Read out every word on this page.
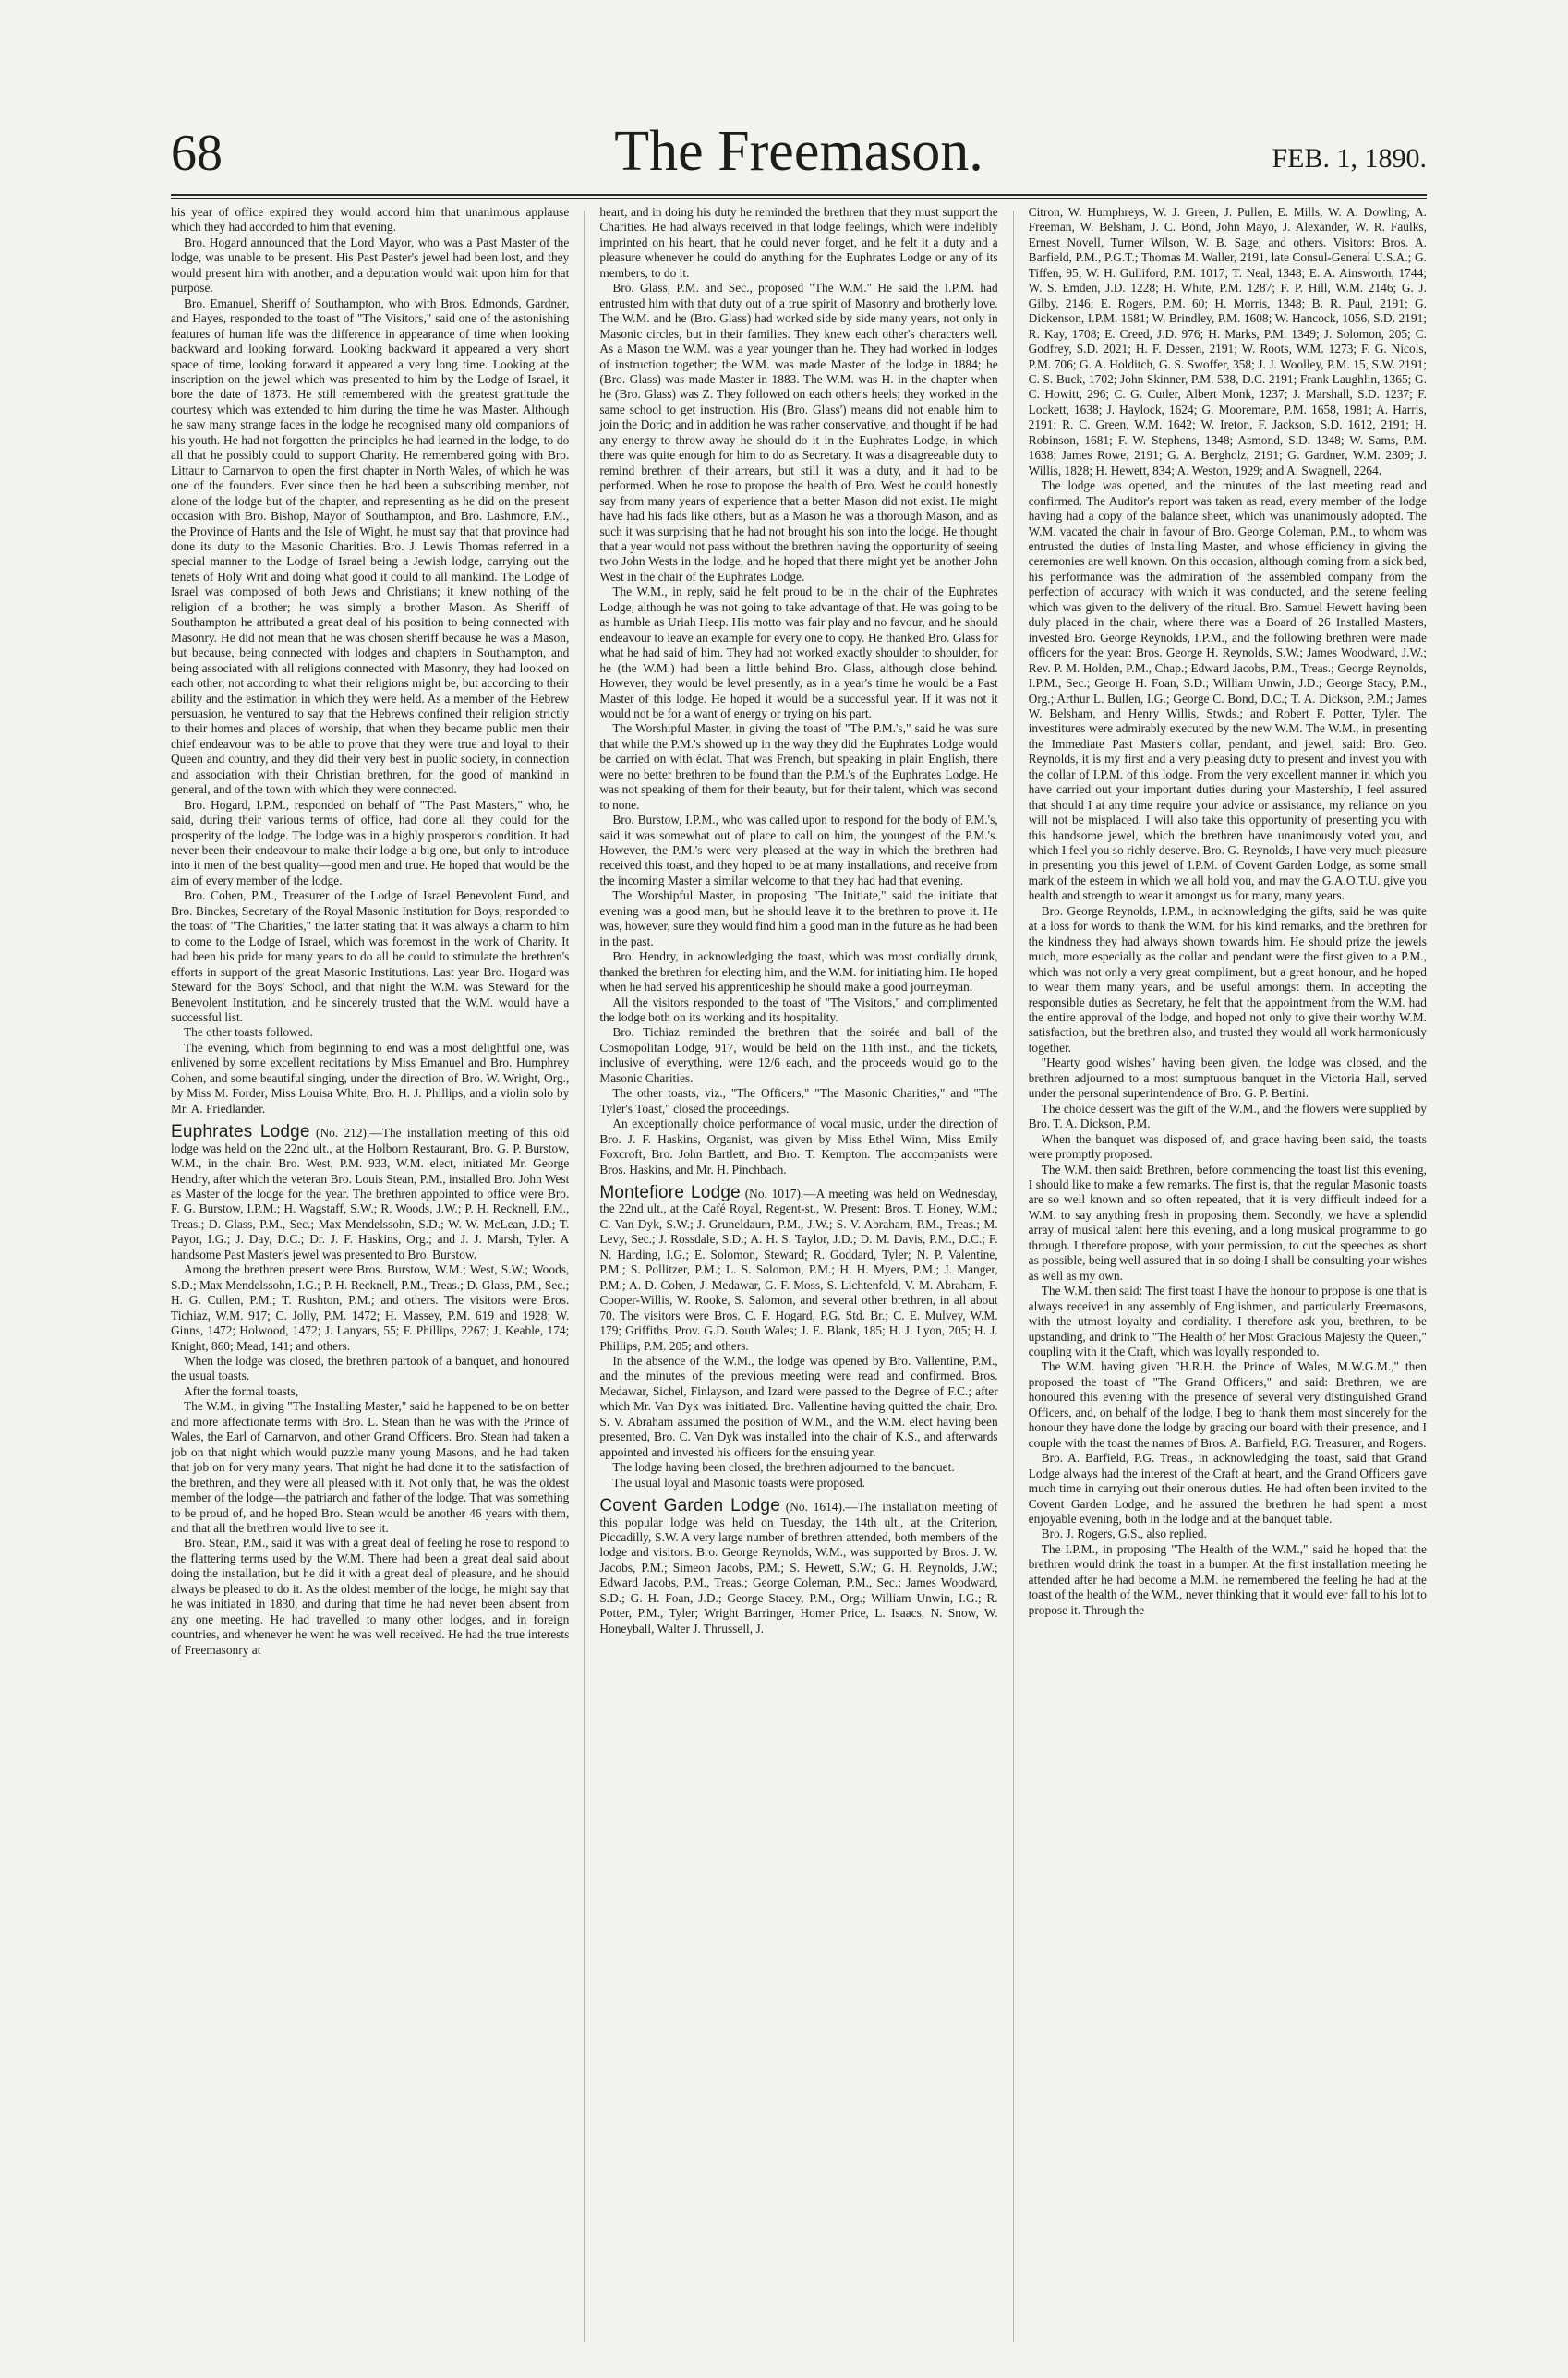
68	The Freemason.	FEB. 1, 1890.

his year of office expired they would accord him that unanimous applause which they had accorded to him that evening.

Bro. Hogard announced that the Lord Mayor, who was a Past Master of the lodge, was unable to be present. His Past Paster's jewel had been lost, and they would present him with another, and a deputation would wait upon him for that purpose.

Bro. Emanuel, Sheriff of Southampton, who with Bros. Edmonds, Gardner, and Hayes, responded to the toast of "The Visitors," said one of the astonishing features of human life was the difference in appearance of time when looking backward and looking forward. Looking backward it appeared a very short space of time, looking forward it appeared a very long time. Looking at the inscription on the jewel which was presented to him by the Lodge of Israel, it bore the date of 1873. He still remembered with the greatest gratitude the courtesy which was extended to him during the time he was Master. Although he saw many strange faces in the lodge he recognised many old companions of his youth. He had not forgotten the principles he had learned in the lodge, to do all that he possibly could to support Charity. He remembered going with Bro. Littaur to Carnarvon to open the first chapter in North Wales, of which he was one of the founders. Ever since then he had been a subscribing member, not alone of the lodge but of the chapter, and representing as he did on the present occasion with Bro. Bishop, Mayor of Southampton, and Bro. Lashmore, P.M., the Province of Hants and the Isle of Wight, he must say that that province had done its duty to the Masonic Charities. Bro. J. Lewis Thomas referred in a special manner to the Lodge of Israel being a Jewish lodge, carrying out the tenets of Holy Writ and doing what good it could to all mankind. The Lodge of Israel was composed of both Jews and Christians; it knew nothing of the religion of a brother; he was simply a brother Mason. As Sheriff of Southampton he attributed a great deal of his position to being connected with Masonry. He did not mean that he was chosen sheriff because he was a Mason, but because, being connected with lodges and chapters in Southampton, and being associated with all religions connected with Masonry, they had looked on each other, not according to what their religions might be, but according to their ability and the estimation in which they were held. As a member of the Hebrew persuasion, he ventured to say that the Hebrews confined their religion strictly to their homes and places of worship, that when they became public men their chief endeavour was to be able to prove that they were true and loyal to their Queen and country, and they did their very best in public society, in connection and association with their Christian brethren, for the good of mankind in general, and of the town with which they were connected.

Bro. Hogard, I.P.M., responded on behalf of "The Past Masters," who, he said, during their various terms of office, had done all they could for the prosperity of the lodge. The lodge was in a highly prosperous condition. It had never been their endeavour to make their lodge a big one, but only to introduce into it men of the best quality—good men and true. He hoped that would be the aim of every member of the lodge.

Bro. Cohen, P.M., Treasurer of the Lodge of Israel Benevolent Fund, and Bro. Binckes, Secretary of the Royal Masonic Institution for Boys, responded to the toast of "The Charities," the latter stating that it was always a charm to him to come to the Lodge of Israel, which was foremost in the work of Charity. It had been his pride for many years to do all he could to stimulate the brethren's efforts in support of the great Masonic Institutions. Last year Bro. Hogard was Steward for the Boys' School, and that night the W.M. was Steward for the Benevolent Institution, and he sincerely trusted that the W.M. would have a successful list.

The other toasts followed.

The evening, which from beginning to end was a most delightful one, was enlivened by some excellent recitations by Miss Emanuel and Bro. Humphrey Cohen, and some beautiful singing, under the direction of Bro. W. Wright, Org., by Miss M. Forder, Miss Louisa White, Bro. H. J. Phillips, and a violin solo by Mr. A. Friedlander.

Euphrates Lodge (No. 212).—The installation meeting of this old lodge was held on the 22nd ult., at the Holborn Restaurant, Bro. G. P. Burstow, W.M., in the chair. Bro. West, P.M. 933, W.M. elect, initiated Mr. George Hendry, after which the veteran Bro. Louis Stean, P.M., installed Bro. John West as Master of the lodge for the year. The brethren appointed to office were Bro. F. G. Burstow, I.P.M.; H. Wagstaff, S.W.; R. Woods, J.W.; P. H. Recknell, P.M., Treas.; D. Glass, P.M., Sec.; Max Mendelssohn, S.D.; W. W. McLean, J.D.; T. Payor, I.G.; J. Day, D.C.; Dr. J. F. Haskins, Org.; and J. J. Marsh, Tyler. A handsome Past Master's jewel was presented to Bro. Burstow.

Among the brethren present were Bros. Burstow, W.M.; West, S.W.; Woods, S.D.; Max Mendelssohn, I.G.; P. H. Recknell, P.M., Treas.; D. Glass, P.M., Sec.; H. G. Cullen, P.M.; T. Rushton, P.M.; and others. The visitors were Bros. Tichiaz, W.M. 917; C. Jolly, P.M. 1472; H. Massey, P.M. 619 and 1928; W. Ginns, 1472; Holwood, 1472; J. Lanyars, 55; F. Phillips, 2267; J. Keable, 174; Knight, 860; Mead, 141; and others.

When the lodge was closed, the brethren partook of a banquet, and honoured the usual toasts.

After the formal toasts,

The W.M., in giving "The Installing Master," said he happened to be on better and more affectionate terms with Bro. L. Stean than he was with the Prince of Wales, the Earl of Carnarvon, and other Grand Officers. Bro. Stean had taken a job on that night which would puzzle many young Masons, and he had taken that job on for very many years. That night he had done it to the satisfaction of the brethren, and they were all pleased with it. Not only that, he was the oldest member of the lodge—the patriarch and father of the lodge. That was something to be proud of, and he hoped Bro. Stean would be another 46 years with them, and that all the brethren would live to see it.

Bro. Stean, P.M., said it was with a great deal of feeling he rose to respond to the flattering terms used by the W.M. There had been a great deal said about doing the installation, but he did it with a great deal of pleasure, and he should always be pleased to do it. As the oldest member of the lodge, he might say that he was initiated in 1830, and during that time he had never been absent from any one meeting. He had travelled to many other lodges, and in foreign countries, and whenever he went he was well received. He had the true interests of Freemasonry at

heart, and in doing his duty he reminded the brethren that they must support the Charities. He had always received in that lodge feelings, which were indelibly imprinted on his heart, that he could never forget, and he felt it a duty and a pleasure whenever he could do anything for the Euphrates Lodge or any of its members, to do it.

Bro. Glass, P.M. and Sec., proposed "The W.M." He said the I.P.M. had entrusted him with that duty out of a true spirit of Masonry and brotherly love. The W.M. and he (Bro. Glass) had worked side by side many years, not only in Masonic circles, but in their families. They knew each other's characters well. As a Mason the W.M. was a year younger than he. They had worked in lodges of instruction together; the W.M. was made Master of the lodge in 1884; he (Bro. Glass) was made Master in 1883. The W.M. was H. in the chapter when he (Bro. Glass) was Z. They followed on each other's heels; they worked in the same school to get instruction. His (Bro. Glass') means did not enable him to join the Doric; and in addition he was rather conservative, and thought if he had any energy to throw away he should do it in the Euphrates Lodge, in which there was quite enough for him to do as Secretary. It was a disagreeable duty to remind brethren of their arrears, but still it was a duty, and it had to be performed. When he rose to propose the health of Bro. West he could honestly say from many years of experience that a better Mason did not exist. He might have had his fads like others, but as a Mason he was a thorough Mason, and as such it was surprising that he had not brought his son into the lodge. He thought that a year would not pass without the brethren having the opportunity of seeing two John Wests in the lodge, and he hoped that there might yet be another John West in the chair of the Euphrates Lodge.

The W.M., in reply, said he felt proud to be in the chair of the Euphrates Lodge, although he was not going to take advantage of that. He was going to be as humble as Uriah Heep. His motto was fair play and no favour, and he should endeavour to leave an example for every one to copy. He thanked Bro. Glass for what he had said of him. They had not worked exactly shoulder to shoulder, for he (the W.M.) had been a little behind Bro. Glass, although close behind. However, they would be level presently, as in a year's time he would be a Past Master of this lodge. He hoped it would be a successful year. If it was not it would not be for a want of energy or trying on his part.

The Worshipful Master, in giving the toast of "The P.M.'s," said he was sure that while the P.M.'s showed up in the way they did the Euphrates Lodge would be carried on with éclat. That was French, but speaking in plain English, there were no better brethren to be found than the P.M.'s of the Euphrates Lodge. He was not speaking of them for their beauty, but for their talent, which was second to none.

Bro. Burstow, I.P.M., who was called upon to respond for the body of P.M.'s, said it was somewhat out of place to call on him, the youngest of the P.M.'s. However, the P.M.'s were very pleased at the way in which the brethren had received this toast, and they hoped to be at many installations, and receive from the incoming Master a similar welcome to that they had had that evening.

The Worshipful Master, in proposing "The Initiate," said the initiate that evening was a good man, but he should leave it to the brethren to prove it. He was, however, sure they would find him a good man in the future as he had been in the past.

Bro. Hendry, in acknowledging the toast, which was most cordially drunk, thanked the brethren for electing him, and the W.M. for initiating him. He hoped when he had served his apprenticeship he should make a good journeyman.

All the visitors responded to the toast of "The Visitors," and complimented the lodge both on its working and its hospitality.

Bro. Tichiaz reminded the brethren that the soirée and ball of the Cosmopolitan Lodge, 917, would be held on the 11th inst., and the tickets, inclusive of everything, were 12/6 each, and the proceeds would go to the Masonic Charities.

The other toasts, viz., "The Officers," "The Masonic Charities," and "The Tyler's Toast," closed the proceedings.

An exceptionally choice performance of vocal music, under the direction of Bro. J. F. Haskins, Organist, was given by Miss Ethel Winn, Miss Emily Foxcroft, Bro. John Bartlett, and Bro. T. Kempton. The accompanists were Bros. Haskins, and Mr. H. Pinchbach.

Montefiore Lodge (No. 1017).—A meeting was held on Wednesday, the 22nd ult., at the Café Royal, Regent-st., W. Present: Bros. T. Honey, W.M.; C. Van Dyk, S.W.; J. Gruneldaum, P.M., J.W.; S. V. Abraham, P.M., Treas.; M. Levy, Sec.; J. Rossdale, S.D.; A. H. S. Taylor, J.D.; D. M. Davis, P.M., D.C.; F. N. Harding, I.G.; E. Solomon, Steward; R. Goddard, Tyler; N. P. Valentine, P.M.; S. Pollitzer, P.M.; L. S. Solomon, P.M.; H. H. Myers, P.M.; J. Manger, P.M.; A. D. Cohen, J. Medawar, G. F. Moss, S. Lichtenfeld, V. M. Abraham, F. Cooper-Willis, W. Rooke, S. Salomon, and several other brethren, in all about 70. The visitors were Bros. C. F. Hogard, P.G. Std. Br.; C. E. Mulvey, W.M. 179; Griffiths, Prov. G.D. South Wales; J. E. Blank, 185; H. J. Lyon, 205; H. J. Phillips, P.M. 205; and others.

In the absence of the W.M., the lodge was opened by Bro. Vallentine, P.M., and the minutes of the previous meeting were read and confirmed. Bros. Medawar, Sichel, Finlayson, and Izard were passed to the Degree of F.C.; after which Mr. Van Dyk was initiated. Bro. Vallentine having quitted the chair, Bro. S. V. Abraham assumed the position of W.M., and the W.M. elect having been presented, Bro. C. Van Dyk was installed into the chair of K.S., and afterwards appointed and invested his officers for the ensuing year.

The lodge having been closed, the brethren adjourned to the banquet.

The usual loyal and Masonic toasts were proposed.

Covent Garden Lodge (No. 1614).—The installation meeting of this popular lodge was held on Tuesday, the 14th ult., at the Criterion, Piccadilly, S.W. A very large number of brethren attended, both members of the lodge and visitors. Bro. George Reynolds, W.M., was supported by Bros. J. W. Jacobs, P.M.; Simeon Jacobs, P.M.; S. Hewett, S.W.; G. H. Reynolds, J.W.; Edward Jacobs, P.M., Treas.; George Coleman, P.M., Sec.; James Woodward, S.D.; G. H. Foan, J.D.; George Stacey, P.M., Org.; William Unwin, I.G.; R. Potter, P.M., Tyler; Wright Barringer, Homer Price, L. Isaacs, N. Snow, W. Honeyball, Walter J. Thrussell, J.

Citron, W. Humphreys, W. J. Green, J. Pullen, E. Mills, W. A. Dowling, A. Freeman, W. Belsham, J. C. Bond, John Mayo, J. Alexander, W. R. Faulks, Ernest Novell, Turner Wilson, W. B. Sage, and others. Visitors: Bros. A. Barfield, P.M., P.G.T.; Thomas M. Waller, 2191, late Consul-General U.S.A.; G. Tiffen, 95; W. H. Gulliford, P.M. 1017; T. Neal, 1348; E. A. Ainsworth, 1744; W. S. Emden, J.D. 1228; H. White, P.M. 1287; F. P. Hill, W.M. 2146; G. J. Gilby, 2146; E. Rogers, P.M. 60; H. Morris, 1348; B. R. Paul, 2191; G. Dickenson, I.P.M. 1681; W. Brindley, P.M. 1608; W. Hancock, 1056, S.D. 2191; R. Kay, 1708; E. Creed, J.D. 976; H. Marks, P.M. 1349; J. Solomon, 205; C. Godfrey, S.D. 2021; H. F. Dessen, 2191; W. Roots, W.M. 1273; F. G. Nicols, P.M. 706; G. A. Holditch, G. S. Swoffer, 358; J. J. Woolley, P.M. 15, S.W. 2191; C. S. Buck, 1702; John Skinner, P.M. 538, D.C. 2191; Frank Laughlin, 1365; G. C. Howitt, 296; C. G. Cutler, Albert Monk, 1237; J. Marshall, S.D. 1237; F. Lockett, 1638; J. Haylock, 1624; G. Mooremare, P.M. 1658, 1981; A. Harris, 2191; R. C. Green, W.M. 1642; W. Ireton, F. Jackson, S.D. 1612, 2191; H. Robinson, 1681; F. W. Stephens, 1348; Asmond, S.D. 1348; W. Sams, P.M. 1638; James Rowe, 2191; G. A. Bergholz, 2191; G. Gardner, W.M. 2309; J. Willis, 1828; H. Hewett, 834; A. Weston, 1929; and A. Swagnell, 2264.

The lodge was opened, and the minutes of the last meeting read and confirmed. The Auditor's report was taken as read, every member of the lodge having had a copy of the balance sheet, which was unanimously adopted. The W.M. vacated the chair in favour of Bro. George Coleman, P.M., to whom was entrusted the duties of Installing Master, and whose efficiency in giving the ceremonies are well known. On this occasion, although coming from a sick bed, his performance was the admiration of the assembled company from the perfection of accuracy with which it was conducted, and the serene feeling which was given to the delivery of the ritual. Bro. Samuel Hewett having been duly placed in the chair, where there was a Board of 26 Installed Masters, invested Bro. George Reynolds, I.P.M., and the following brethren were made officers for the year: Bros. George H. Reynolds, S.W.; James Woodward, J.W.; Rev. P. M. Holden, P.M., Chap.; Edward Jacobs, P.M., Treas.; George Reynolds, I.P.M., Sec.; George H. Foan, S.D.; William Unwin, J.D.; George Stacy, P.M., Org.; Arthur L. Bullen, I.G.; George C. Bond, D.C.; T. A. Dickson, P.M.; James W. Belsham, and Henry Willis, Stwds.; and Robert F. Potter, Tyler. The investitures were admirably executed by the new W.M. The W.M., in presenting the Immediate Past Master's collar, pendant, and jewel, said: Bro. Geo. Reynolds, it is my first and a very pleasing duty to present and invest you with the collar of I.P.M. of this lodge. From the very excellent manner in which you have carried out your important duties during your Mastership, I feel assured that should I at any time require your advice or assistance, my reliance on you will not be misplaced. I will also take this opportunity of presenting you with this handsome jewel, which the brethren have unanimously voted you, and which I feel you so richly deserve. Bro. G. Reynolds, I have very much pleasure in presenting you this jewel of I.P.M. of Covent Garden Lodge, as some small mark of the esteem in which we all hold you, and may the G.A.O.T.U. give you health and strength to wear it amongst us for many, many years.

Bro. George Reynolds, I.P.M., in acknowledging the gifts, said he was quite at a loss for words to thank the W.M. for his kind remarks, and the brethren for the kindness they had always shown towards him. He should prize the jewels much, more especially as the collar and pendant were the first given to a P.M., which was not only a very great compliment, but a great honour, and he hoped to wear them many years, and be useful amongst them. In accepting the responsible duties as Secretary, he felt that the appointment from the W.M. had the entire approval of the lodge, and hoped not only to give their worthy W.M. satisfaction, but the brethren also, and trusted they would all work harmoniously together.

"Hearty good wishes" having been given, the lodge was closed, and the brethren adjourned to a most sumptuous banquet in the Victoria Hall, served under the personal superintendence of Bro. G. P. Bertini.

The choice dessert was the gift of the W.M., and the flowers were supplied by Bro. T. A. Dickson, P.M.

When the banquet was disposed of, and grace having been said, the toasts were promptly proposed.

The W.M. then said: Brethren, before commencing the toast list this evening, I should like to make a few remarks. The first is, that the regular Masonic toasts are so well known and so often repeated, that it is very difficult indeed for a W.M. to say anything fresh in proposing them. Secondly, we have a splendid array of musical talent here this evening, and a long musical programme to go through. I therefore propose, with your permission, to cut the speeches as short as possible, being well assured that in so doing I shall be consulting your wishes as well as my own.

The W.M. then said: The first toast I have the honour to propose is one that is always received in any assembly of Englishmen, and particularly Freemasons, with the utmost loyalty and cordiality. I therefore ask you, brethren, to be upstanding, and drink to "The Health of her Most Gracious Majesty the Queen," coupling with it the Craft, which was loyally responded to.

The W.M. having given "H.R.H. the Prince of Wales, M.W.G.M.," then proposed the toast of "The Grand Officers," and said: Brethren, we are honoured this evening with the presence of several very distinguished Grand Officers, and, on behalf of the lodge, I beg to thank them most sincerely for the honour they have done the lodge by gracing our board with their presence, and I couple with the toast the names of Bros. A. Barfield, P.G. Treasurer, and Rogers.

Bro. A. Barfield, P.G. Treas., in acknowledging the toast, said that Grand Lodge always had the interest of the Craft at heart, and the Grand Officers gave much time in carrying out their onerous duties. He had often been invited to the Covent Garden Lodge, and he assured the brethren he had spent a most enjoyable evening, both in the lodge and at the banquet table.

Bro. J. Rogers, G.S., also replied.

The I.P.M., in proposing "The Health of the W.M.," said he hoped that the brethren would drink the toast in a bumper. At the first installation meeting he attended after he had become a M.M. he remembered the feeling he had at the toast of the health of the W.M., never thinking that it would ever fall to his lot to propose it. Through the
